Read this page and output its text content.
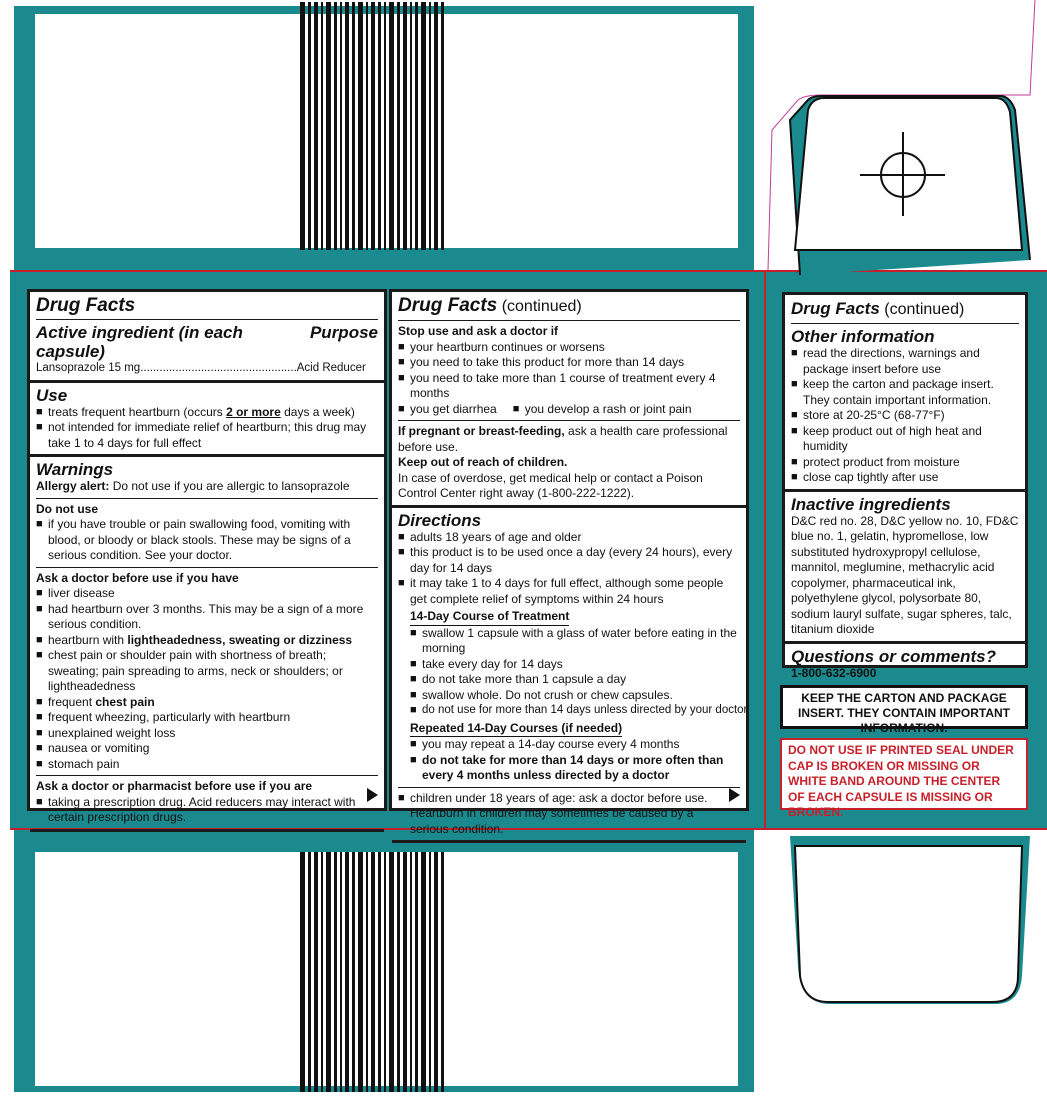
Drug Facts
Active ingredient (in each capsule)
Purpose
Lansoprazole 15 mg.................................................Acid Reducer
Use
■ treats frequent heartburn (occurs 2 or more days a week)
■ not intended for immediate relief of heartburn; this drug may take 1 to 4 days for full effect
Warnings
Allergy alert: Do not use if you are allergic to lansoprazole
Do not use
■ if you have trouble or pain swallowing food, vomiting with blood, or bloody or black stools. These may be signs of a serious condition. See your doctor.
Ask a doctor before use if you have
■ liver disease
■ had heartburn over 3 months. This may be a sign of a more serious condition.
■ heartburn with lightheadedness, sweating or dizziness
■ chest pain or shoulder pain with shortness of breath; sweating; pain spreading to arms, neck or shoulders; or lightheadedness
■ frequent chest pain
■ frequent wheezing, particularly with heartburn
■ unexplained weight loss
■ nausea or vomiting
■ stomach pain
Ask a doctor or pharmacist before use if you are
■ taking a prescription drug. Acid reducers may interact with certain prescription drugs.
Drug Facts (continued)
Stop use and ask a doctor if
■ your heartburn continues or worsens
■ you need to take this product for more than 14 days
■ you need to take more than 1 course of treatment every 4 months
■ you get diarrhea
■	you develop a rash or joint pain
If pregnant or breast-feeding, ask a health care professional before use.
Keep out of reach of children.
In case of overdose, get medical help or contact a Poison Control Center right away (1-800-222-1222).
Directions
■ adults 18 years of age and older
■ this product is to be used once a day (every 24 hours), every day for 14 days
■ it may take 1 to 4 days for full effect, although some people get complete relief of symptoms within 24 hours
14-Day Course of Treatment
■ swallow 1 capsule with a glass of water before eating in the morning
■ take every day for 14 days
■ do not take more than 1 capsule a day
■ swallow whole. Do not crush or chew capsules.
■ do not use for more than 14 days unless directed by your doctor
Repeated 14-Day Courses (if needed)
■ you may repeat a 14-day course every 4 months
■ do not take for more than 14 days or more often than every 4 months unless directed by a doctor
■ children under 18 years of age: ask a doctor before use. Heartburn in children may sometimes be caused by a serious condition.
Drug Facts (continued)
Other information
■ read the directions, warnings and package insert before use
■ keep the carton and package insert. They contain important information.
■ store at 20-25°C (68-77°F)
■ keep product out of high heat and humidity
■ protect product from moisture
■ close cap tightly after use
Inactive ingredients
D&C red no. 28, D&C yellow no. 10, FD&C blue no. 1, gelatin, hypromellose, low substituted hydroxypropyl cellulose, mannitol, meglumine, methacrylic acid copolymer, pharmaceutical ink, polyethylene glycol, polysorbate 80, sodium lauryl sulfate, sugar spheres, talc, titanium dioxide
Questions or comments?
1-800-632-6900
KEEP THE CARTON AND PACKAGE INSERT. THEY CONTAIN IMPORTANT INFORMATION.
DO NOT USE IF PRINTED SEAL UNDER CAP IS BROKEN OR MISSING OR WHITE BAND AROUND THE CENTER OF EACH CAPSULE IS MISSING OR BROKEN.
